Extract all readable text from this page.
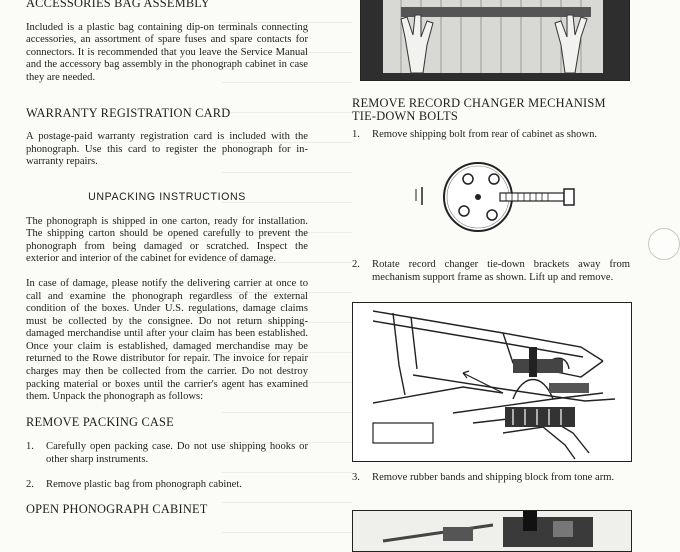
ACCESSORIES BAG ASSEMBLY

Included is a plastic bag containing dip-on terminals connecting accessories, an assortment of spare fuses and spare contacts for connectors. It is recommended that you leave the Service Manual and the accessory bag assembly in the phonograph cabinet in case they are needed.

WARRANTY REGISTRATION CARD

A postage-paid warranty registration card is included with the phonograph. Use this card to register the phonograph for in-warranty repairs.

UNPACKING INSTRUCTIONS

The phonograph is shipped in one carton, ready for installation. The shipping carton should be opened carefully to prevent the phonograph from being damaged or scratched. Inspect the exterior and interior of the cabinet for evidence of damage.

In case of damage, please notify the delivering carrier at once to call and examine the phonograph regardless of the external condition of the boxes. Under U.S. regulations, damage claims must be collected by the consignee. Do not return shipping-damaged merchandise until after your claim has been established. Once your claim is established, damaged merchandise may be returned to the Rowe distributor for repair. The invoice for repair charges may then be collected from the carrier. Do not destroy packing material or boxes until the carrier's agent has examined them. Unpack the phonograph as follows:

REMOVE PACKING CASE
1.	Carefully open packing case. Do not use shipping hooks or other sharp instruments.
2.	Remove plastic bag from phonograph cabinet.
OPEN PHONOGRAPH CABINET
REMOVE RECORD CHANGER MECHANISM
TIE-DOWN BOLTS
1.	Remove shipping bolt from rear of cabinet as shown.
2.	Rotate record changer tie-down brackets away from mechanism support frame as shown. Lift up and remove.
3.	Remove rubber bands and shipping block from tone arm.
